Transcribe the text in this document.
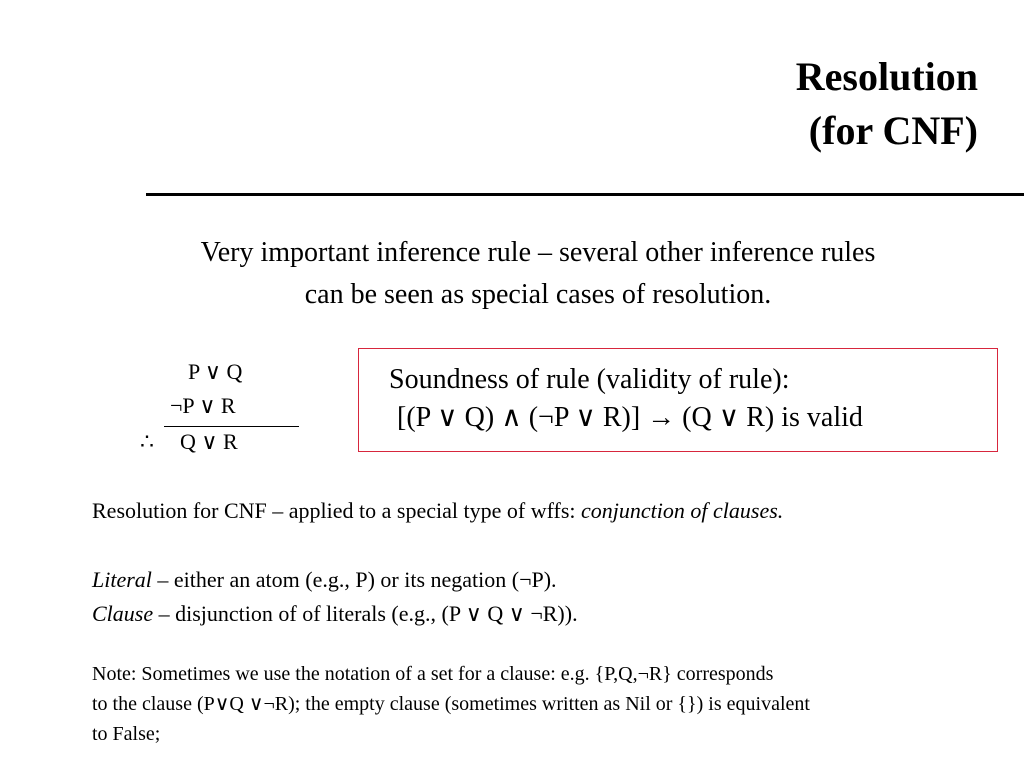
Resolution
(for CNF)
Very important inference rule – several other inference rules
can be seen as special cases of resolution.
P ∨ Q
¬P ∨ R
∴ Q ∨ R
Soundness of rule (validity of rule):
[(P ∨ Q) ∧ (¬P ∨ R)] → (Q ∨ R) is valid
Resolution for CNF – applied to a special type of wffs: conjunction of clauses.
Literal – either an atom (e.g., P) or its negation (¬P).
Clause – disjunction of of literals (e.g., (P ∨ Q ∨ ¬R)).
Note: Sometimes we use the notation of a set for a clause: e.g. {P,Q,¬R} corresponds
to the clause (P∨Q ∨¬R); the empty clause (sometimes written as Nil or {}) is equivalent
to False;
